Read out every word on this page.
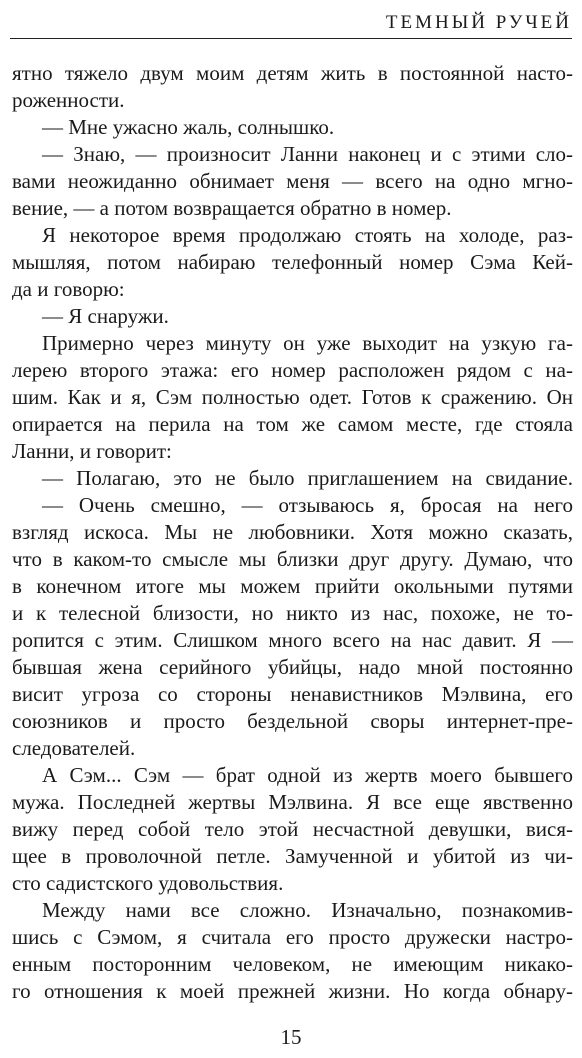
ТЕМНЫЙ РУЧЕЙ
ятно тяжело двум моим детям жить в постоянной насто-
роженности.
— Мне ужасно жаль, солнышко.
— Знаю, — произносит Ланни наконец и с этими сло-
вами неожиданно обнимает меня — всего на одно мгно-
вение, — а потом возвращается обратно в номер.
Я некоторое время продолжаю стоять на холоде, раз-
мышляя, потом набираю телефонный номер Сэма Кей-
да и говорю:
— Я снаружи.
Примерно через минуту он уже выходит на узкую га-
лерею второго этажа: его номер расположен рядом с на-
шим. Как и я, Сэм полностью одет. Готов к сражению. Он
опирается на перила на том же самом месте, где стояла
Ланни, и говорит:
— Полагаю, это не было приглашением на свидание.
— Очень смешно, — отзываюсь я, бросая на него
взгляд искоса. Мы не любовники. Хотя можно сказать,
что в каком-то смысле мы близки друг другу. Думаю, что
в конечном итоге мы можем прийти окольными путями
и к телесной близости, но никто из нас, похоже, не то-
ропится с этим. Слишком много всего на нас давит. Я —
бывшая жена серийного убийцы, надо мной постоянно
висит угроза со стороны ненавистников Мэлвина, его
союзников и просто бездельной своры интернет-пре-
следователей.
А Сэм... Сэм — брат одной из жертв моего бывшего
мужа. Последней жертвы Мэлвина. Я все еще явственно
вижу перед собой тело этой несчастной девушки, вися-
щее в проволочной петле. Замученной и убитой из чи-
сто садистского удовольствия.
Между нами все сложно. Изначально, познакомив-
шись с Сэмом, я считала его просто дружески настро-
енным посторонним человеком, не имеющим никако-
го отношения к моей прежней жизни. Но когда обнару-
15
